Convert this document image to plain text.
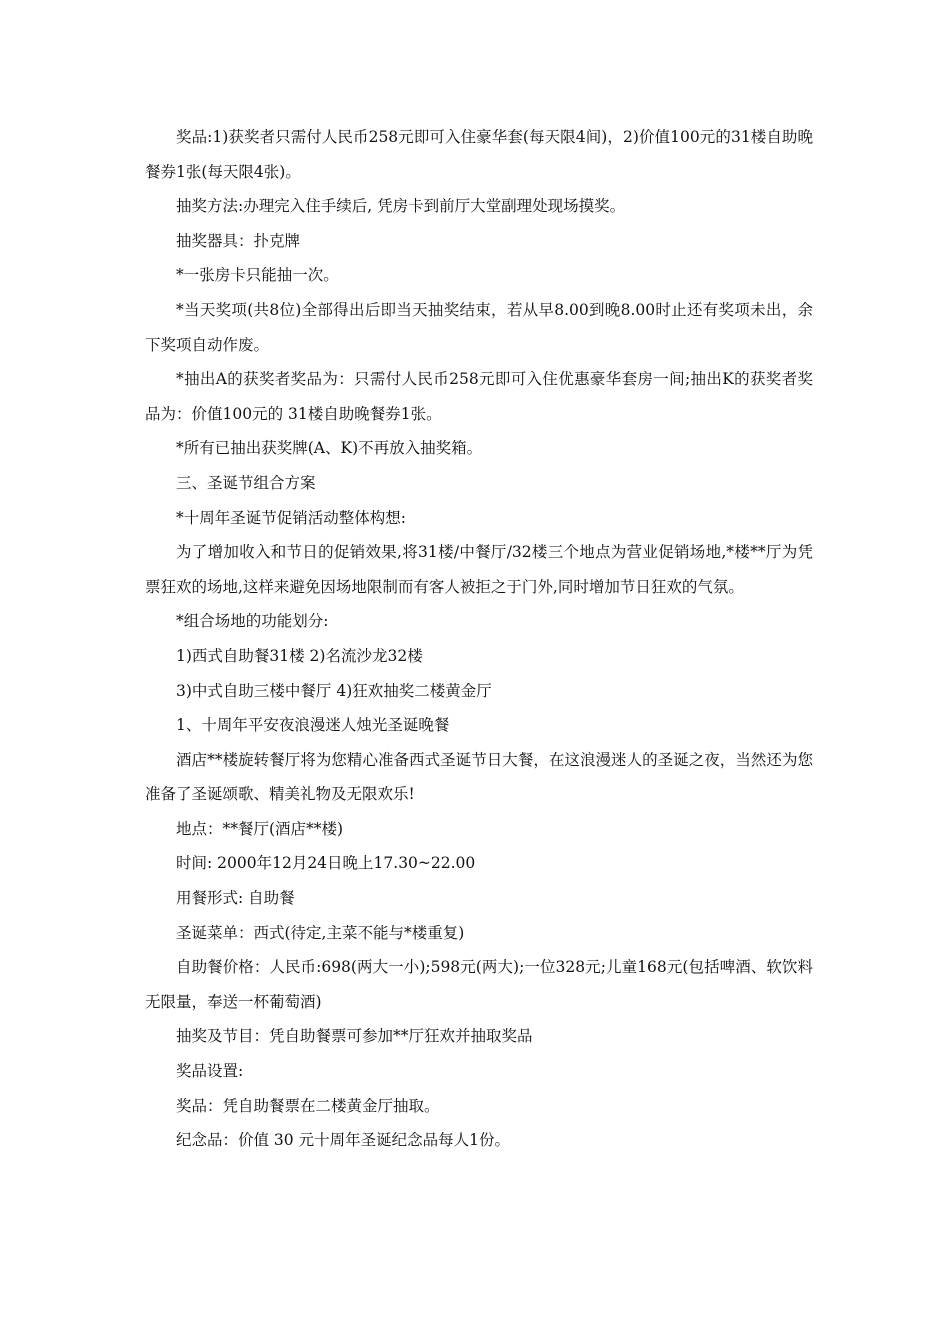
奖品:1)获奖者只需付人民币258元即可入住豪华套(每天限4间)，2)价值100元的31楼自助晚餐券1张(每天限4张)。

抽奖方法:办理完入住手续后, 凭房卡到前厅大堂副理处现场摸奖。

抽奖器具：扑克牌

*一张房卡只能抽一次。

*当天奖项(共8位)全部得出后即当天抽奖结束，若从早8.00到晚8.00时止还有奖项未出，余下奖项自动作废。

*抽出A的获奖者奖品为：只需付人民币258元即可入住优惠豪华套房一间;抽出K的获奖者奖品为：价值100元的 31楼自助晚餐券1张。

*所有已抽出获奖牌(A、K)不再放入抽奖箱。

三、圣诞节组合方案

*十周年圣诞节促销活动整体构想:

为了增加收入和节日的促销效果,将31楼/中餐厅/32楼三个地点为营业促销场地,*楼**厅为凭票狂欢的场地,这样来避免因场地限制而有客人被拒之于门外,同时增加节日狂欢的气氛。

*组合场地的功能划分:

1)西式自助餐31楼 2)名流沙龙32楼

3)中式自助三楼中餐厅 4)狂欢抽奖二楼黄金厅

1、十周年平安夜浪漫迷人烛光圣诞晚餐

酒店**楼旋转餐厅将为您精心准备西式圣诞节日大餐，在这浪漫迷人的圣诞之夜，当然还为您准备了圣诞颂歌、精美礼物及无限欢乐!

地点：**餐厅(酒店**楼)

时间: 2000年12月24日晚上17.30~22.00

用餐形式: 自助餐

圣诞菜单：西式(待定,主菜不能与*楼重复)

自助餐价格：人民币:698(两大一小);598元(两大);一位328元;儿童168元(包括啤酒、软饮料无限量，奉送一杯葡萄酒)

抽奖及节目：凭自助餐票可参加**厅狂欢并抽取奖品

奖品设置:

奖品：凭自助餐票在二楼黄金厅抽取。

纪念品：价值 30 元十周年圣诞纪念品每人1份。
